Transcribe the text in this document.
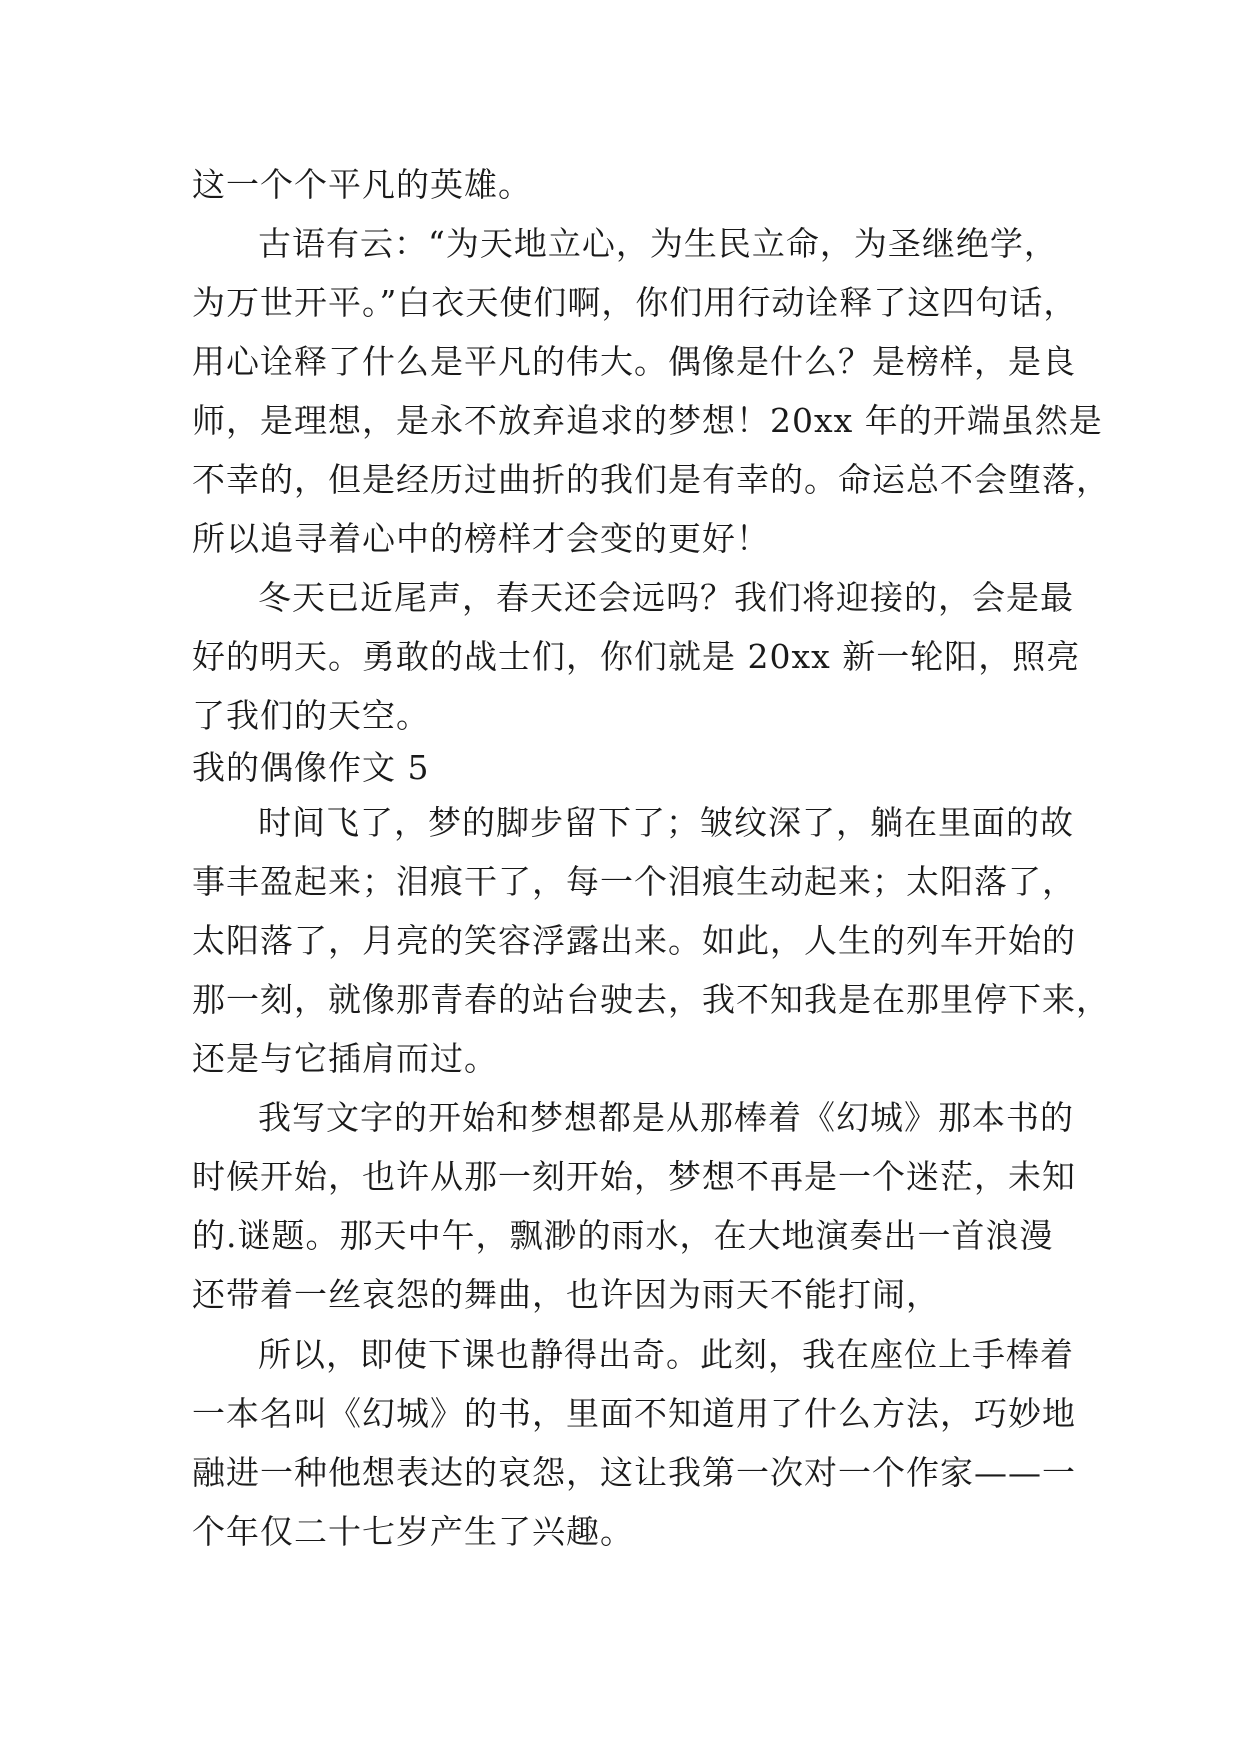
这一个个平凡的英雄。
古语有云：“为天地立心，为生民立命，为圣继绝学，
为万世开平。”白衣天使们啊，你们用行动诠释了这四句话，
用心诠释了什么是平凡的伟大。偶像是什么？是榜样，是良
师，是理想，是永不放弃追求的梦想！20xx 年的开端虽然是
不幸的，但是经历过曲折的我们是有幸的。命运总不会堕落，
所以追寻着心中的榜样才会变的更好！
冬天已近尾声，春天还会远吗？我们将迎接的，会是最
好的明天。勇敢的战士们，你们就是 20xx 新一轮阳，照亮
了我们的天空。
我的偶像作文 5
时间飞了，梦的脚步留下了；皱纹深了，躺在里面的故
事丰盈起来；泪痕干了，每一个泪痕生动起来；太阳落了，
太阳落了，月亮的笑容浮露出来。如此，人生的列车开始的
那一刻，就像那青春的站台驶去，我不知我是在那里停下来，
还是与它插肩而过。
我写文字的开始和梦想都是从那棒着《幻城》那本书的
时候开始，也许从那一刻开始，梦想不再是一个迷茫，未知
的.谜题。那天中午，飘渺的雨水，在大地演奏出一首浪漫
还带着一丝哀怨的舞曲，也许因为雨天不能打闹，
所以，即使下课也静得出奇。此刻，我在座位上手棒着
一本名叫《幻城》的书，里面不知道用了什么方法，巧妙地
融进一种他想表达的哀怨，这让我第一次对一个作家——一
个年仅二十七岁产生了兴趣。
